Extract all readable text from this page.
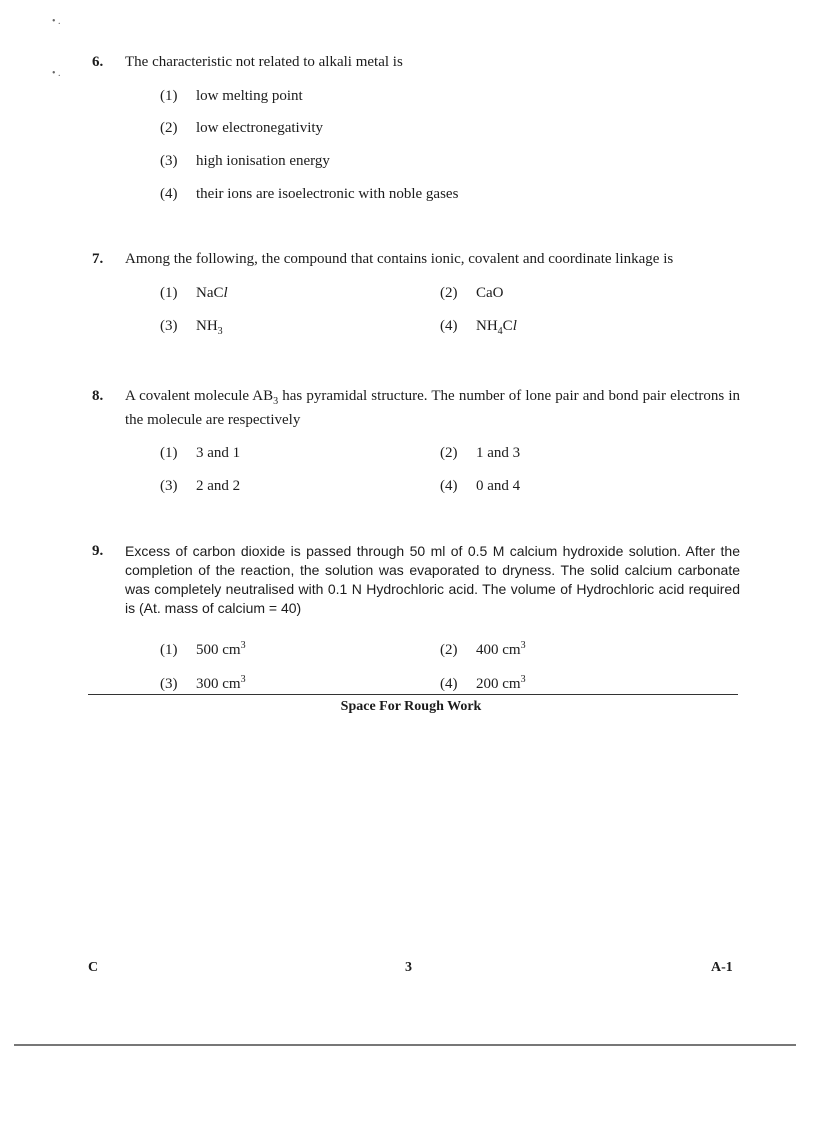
• .
• .
6. The characteristic not related to alkali metal is
(1) low melting point
(2) low electronegativity
(3) high ionisation energy
(4) their ions are isoelectronic with noble gases
7. Among the following, the compound that contains ionic, covalent and coordinate linkage is
(1) NaCl	(2) CaO
(3) $NH_3$	(4) $NH_4Cl$
8. A covalent molecule $AB_3$ has pyramidal structure. The number of lone pair and bond pair electrons in the molecule are respectively
(1) 3 and 1	(2) 1 and 3
(3) 2 and 2	(4) 0 and 4
9. Excess of carbon dioxide is passed through 50 ml of 0.5 M calcium hydroxide solution. After the completion of the reaction, the solution was evaporated to dryness. The solid calcium carbonate was completely neutralised with 0.1 N Hydrochloric acid. The volume of Hydrochloric acid required is (At. mass of calcium = 40)
(1) 500 $cm^3$	(2) 400 $cm^3$
(3) 300 $cm^3$	(4) 200 $cm^3$
Space For Rough Work
C	3	A-1
